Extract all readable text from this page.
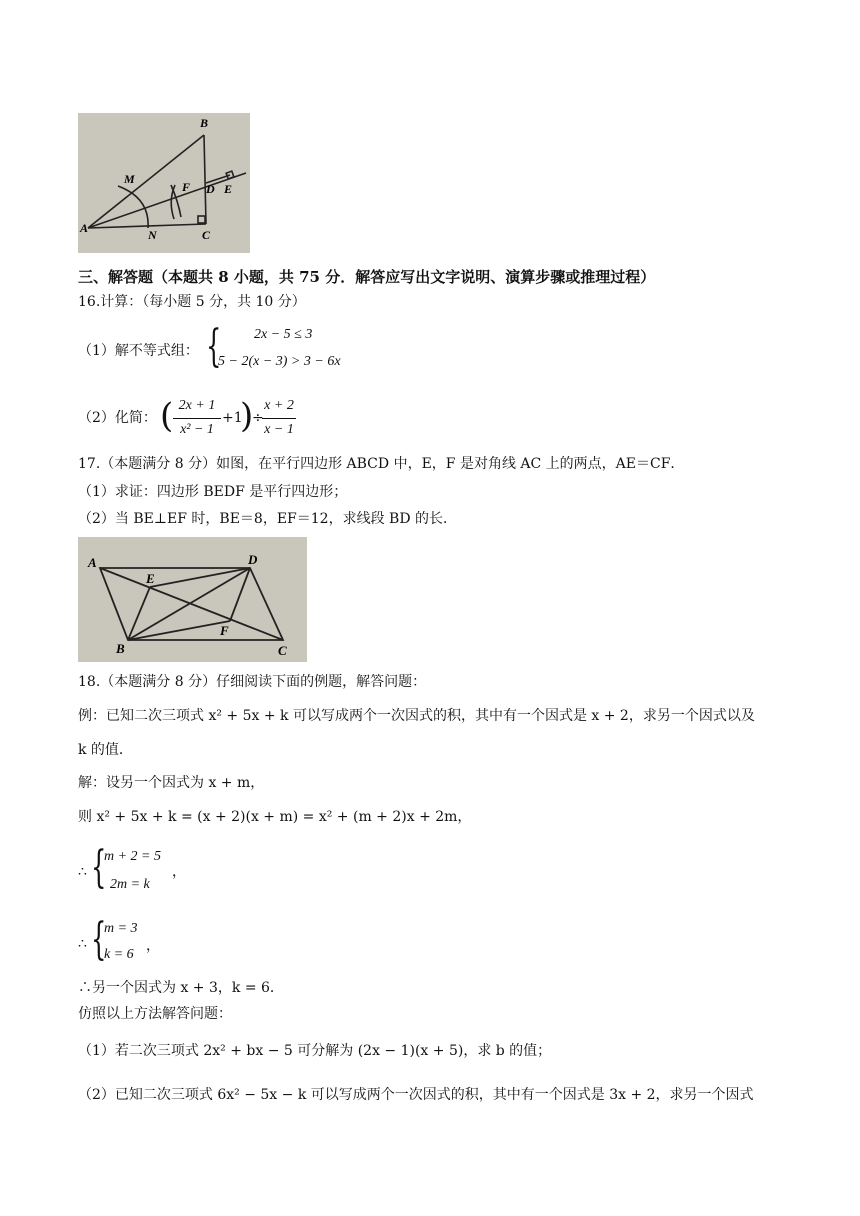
A
B
C
D E
F
M
N
三、解答题（本题共 8 小题，共 75 分．解答应写出文字说明、演算步骤或推理过程）
16.计算：（每小题 5 分，共 10 分）
（1）解不等式组： { 2x − 5 ≤ 3
5 − 2(x − 3) > 3 − 6x
（2）化简： ( 2x + 1
x² − 1
+1
)
÷
x + 2
x − 1
17.（本题满分 8 分）如图，在平行四边形 ABCD 中，E，F 是对角线 AC 上的两点，AE＝CF．
（1）求证：四边形 BEDF 是平行四边形；
（2）当 BE⊥EF 时，BE＝8，EF＝12，求线段 BD 的长．
A	D
E
F
B	C
18.（本题满分 8 分）仔细阅读下面的例题，解答问题：
例：已知二次三项式 x² + 5x + k 可以写成两个一次因式的积，其中有一个因式是 x + 2，求另一个因式以及
k 的值．
解：设另一个因式为 x + m，
则 x² + 5x + k = (x + 2)(x + m) = x² + (m + 2)x + 2m，
∴ {
m + 2 = 5
2m = k
，
∴ {
m = 3
k = 6
，
∴另一个因式为 x + 3，k = 6．
仿照以上方法解答问题：
（1）若二次三项式 2x² + bx − 5 可分解为 (2x − 1)(x + 5)，求 b 的值；
（2）已知二次三项式 6x² − 5x − k 可以写成两个一次因式的积，其中有一个因式是 3x + 2，求另一个因式
